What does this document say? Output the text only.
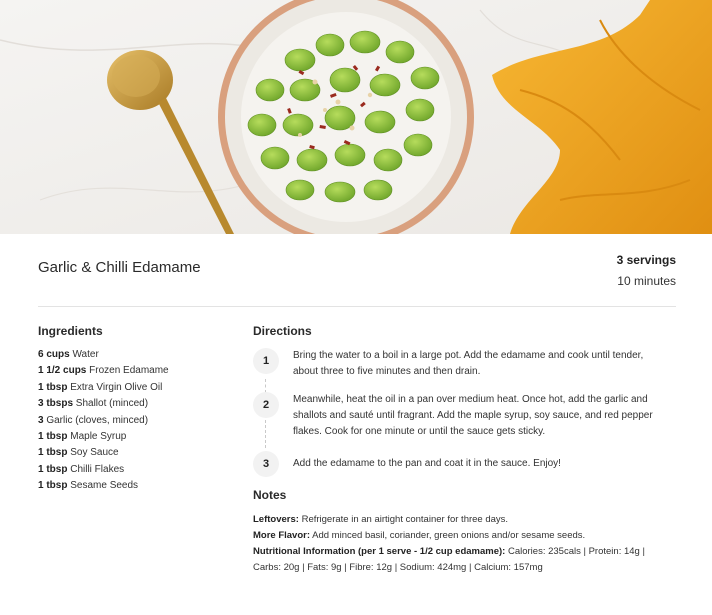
Garlic & Chilli Edamame	3 servings
10 minutes
Ingredients
6 cups Water
1 1/2 cups Frozen Edamame
1 tbsp Extra Virgin Olive Oil
3 tbsps Shallot (minced)
3 Garlic (cloves, minced)
1 tbsp Maple Syrup
1 tbsp Soy Sauce
1 tbsp Chilli Flakes
1 tbsp Sesame Seeds
Directions
1	Bring the water to a boil in a large pot. Add the edamame and cook until tender, about three to five minutes and then drain.
2	Meanwhile, heat the oil in a pan over medium heat. Once hot, add the garlic and shallots and sauté until fragrant. Add the maple syrup, soy sauce, and red pepper flakes. Cook for one minute or until the sauce gets sticky.
3	Add the edamame to the pan and coat it in the sauce. Enjoy!
Notes
Leftovers: Refrigerate in an airtight container for three days.
More Flavor: Add minced basil, coriander, green onions and/or sesame seeds.
Nutritional Information (per 1 serve - 1/2 cup edamame): Calories: 235cals | Protein: 14g | Carbs: 20g | Fats: 9g | Fibre: 12g | Sodium: 424mg | Calcium: 157mg
